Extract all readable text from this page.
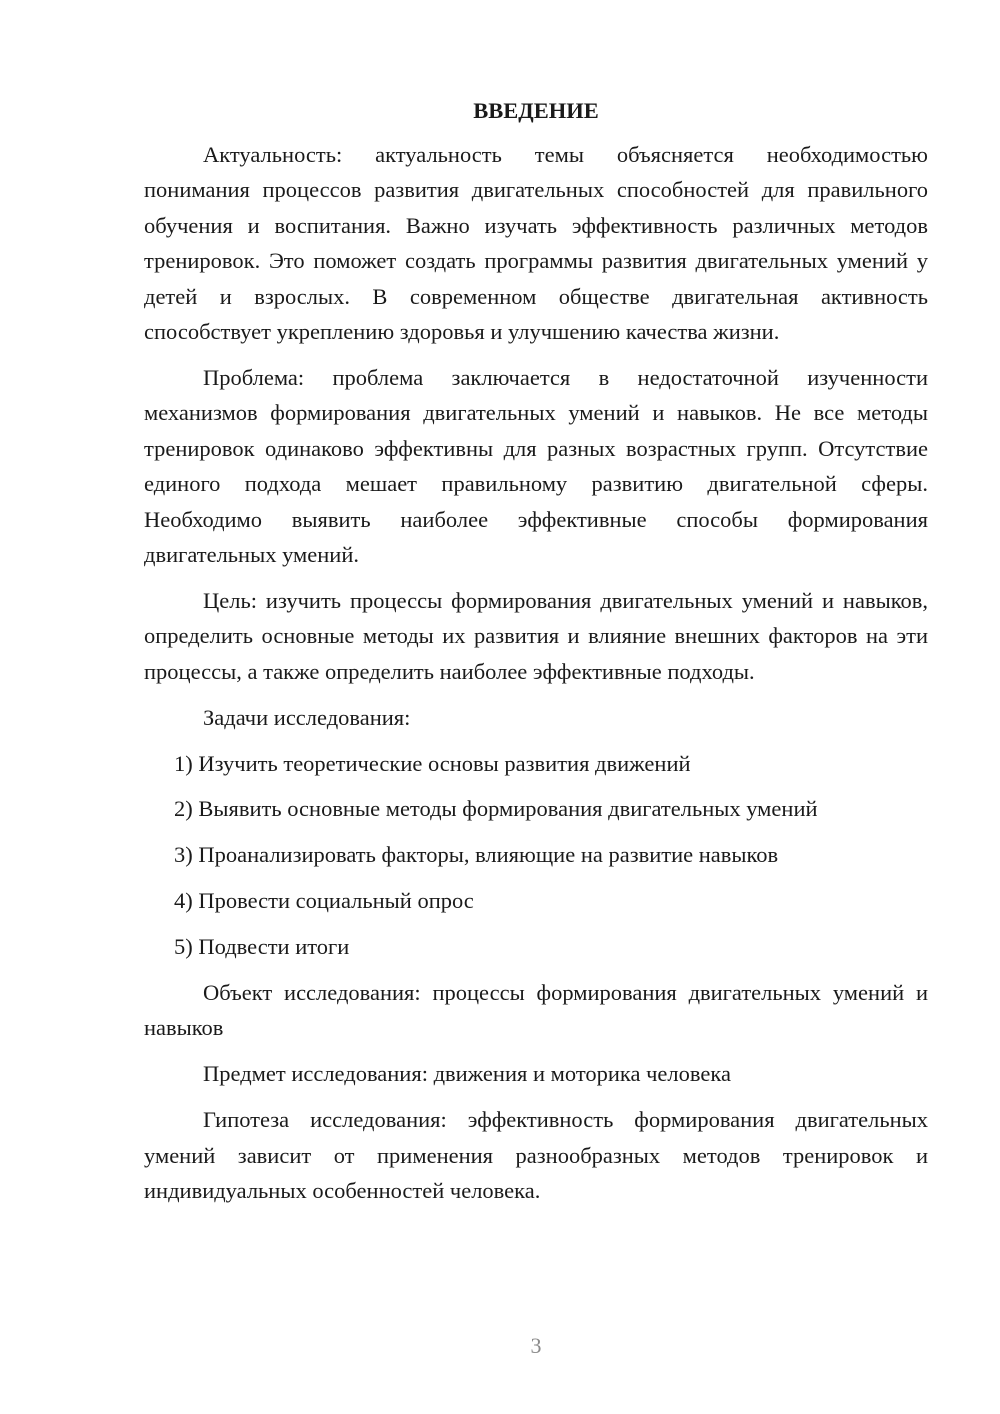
ВВЕДЕНИЕ

Актуальность: актуальность темы объясняется необходимостью понимания процессов развития двигательных способностей для правильного обучения и воспитания. Важно изучать эффективность различных методов тренировок. Это поможет создать программы развития двигательных умений у детей и взрослых. В современном обществе двигательная активность способствует укреплению здоровья и улучшению качества жизни.

Проблема: проблема заключается в недостаточной изученности механизмов формирования двигательных умений и навыков. Не все методы тренировок одинаково эффективны для разных возрастных групп. Отсутствие единого подхода мешает правильному развитию двигательной сферы. Необходимо выявить наиболее эффективные способы формирования двигательных умений.

Цель: изучить процессы формирования двигательных умений и навыков, определить основные методы их развития и влияние внешних факторов на эти процессы, а также определить наиболее эффективные подходы.

Задачи исследования:

1) Изучить теоретические основы развития движений
2) Выявить основные методы формирования двигательных умений
3) Проанализировать факторы, влияющие на развитие навыков
4) Провести социальный опрос
5) Подвести итоги

Объект исследования: процессы формирования двигательных умений и навыков

Предмет исследования: движения и моторика человека

Гипотеза исследования: эффективность формирования двигательных умений зависит от применения разнообразных методов тренировок и индивидуальных особенностей человека.

3
